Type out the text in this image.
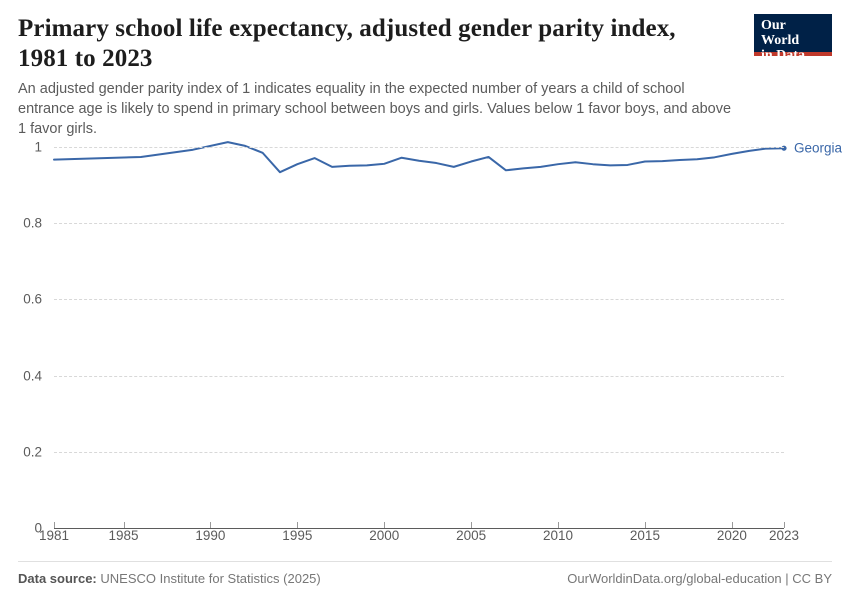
Primary school life expectancy, adjusted gender parity index, 1981 to 2023

An adjusted gender parity index of 1 indicates equality in the expected number of years a child of school entrance age is likely to spend in primary school between boys and girls. Values below 1 favor boys, and above 1 favor girls.

Our World
in Data
0
0.2
0.4
0.6
0.8
1	Georgia
1981	1985	1990	1995	2000	2005	2010	2015	2020 2023
Data source: UNESCO Institute for Statistics (2025)	OurWorldinData.org/global-education | CC BY
